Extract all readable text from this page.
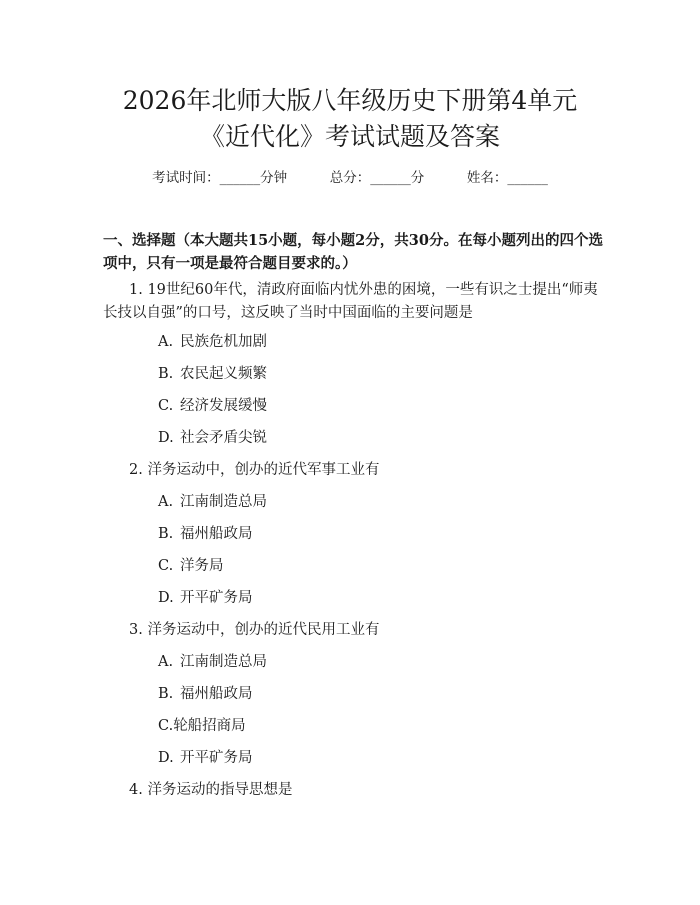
2026年北师大版八年级历史下册第4单元
《近代化》考试试题及答案
考试时间：______分钟	总分：______分	姓名：______
一、选择题（本大题共15小题，每小题2分，共30分。在每小题列出的四个选项中，只有一项是最符合题目要求的。）
1. 19世纪60年代，清政府面临内忧外患的困境，一些有识之士提出“师夷长技以自强”的口号，这反映了当时中国面临的主要问题是
A. 民族危机加剧
B. 农民起义频繁
C. 经济发展缓慢
D. 社会矛盾尖锐
2. 洋务运动中，创办的近代军事工业有
A. 江南制造总局
B. 福州船政局
C. 洋务局
D. 开平矿务局
3. 洋务运动中，创办的近代民用工业有
A. 江南制造总局
B. 福州船政局
C.轮船招商局
D. 开平矿务局
4. 洋务运动的指导思想是
